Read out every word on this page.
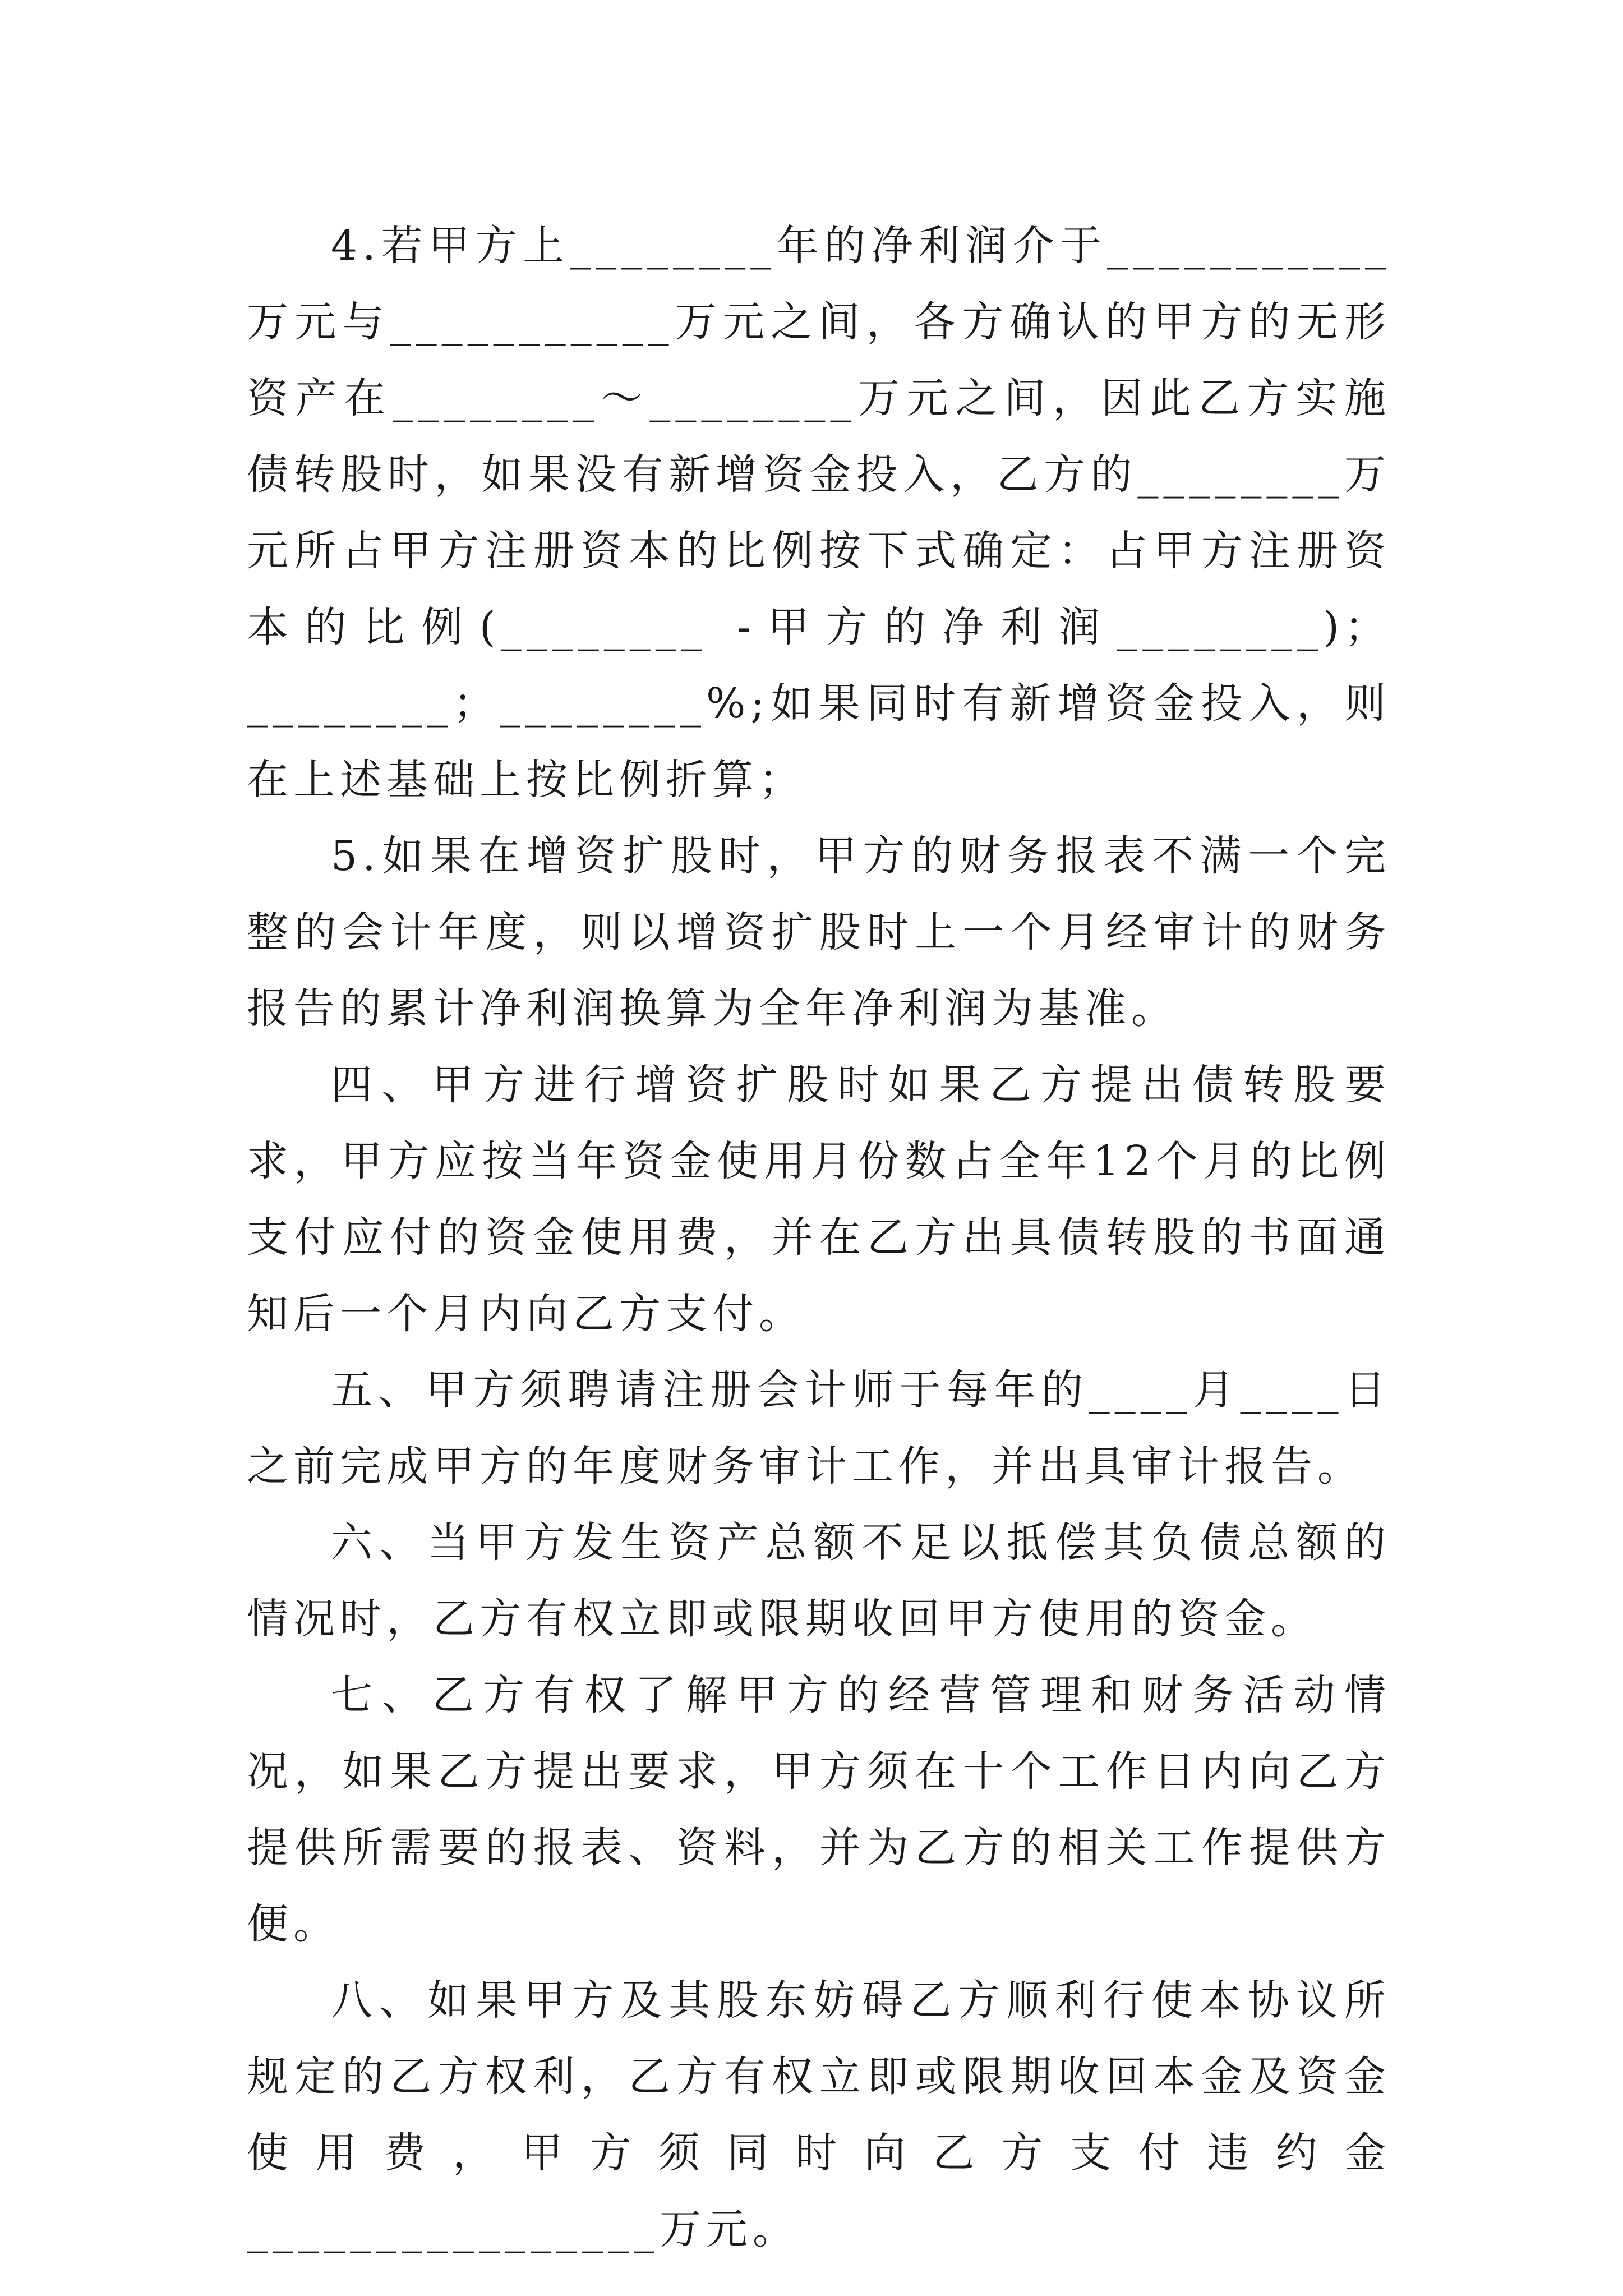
4.若甲方上________年的净利润介于___________万元与___________万元之间，各方确认的甲方的无形资产在________～________万元之间，因此乙方实施债转股时，如果没有新增资金投入，乙方的________万元所占甲方注册资本的比例按下式确定：占甲方注册资本的比例(________ -甲方的净利润________)；________；________%;如果同时有新增资金投入，则在上述基础上按比例折算；

5.如果在增资扩股时，甲方的财务报表不满一个完整的会计年度，则以增资扩股时上一个月经审计的财务报告的累计净利润换算为全年净利润为基准。

四、甲方进行增资扩股时如果乙方提出债转股要求，甲方应按当年资金使用月份数占全年12个月的比例支付应付的资金使用费，并在乙方出具债转股的书面通知后一个月内向乙方支付。

五、甲方须聘请注册会计师于每年的____月____日之前完成甲方的年度财务审计工作，并出具审计报告。

六、当甲方发生资产总额不足以抵偿其负债总额的情况时，乙方有权立即或限期收回甲方使用的资金。

七、乙方有权了解甲方的经营管理和财务活动情况，如果乙方提出要求，甲方须在十个工作日内向乙方提供所需要的报表、资料，并为乙方的相关工作提供方便。

八、如果甲方及其股东妨碍乙方顺利行使本协议所规定的乙方权利，乙方有权立即或限期收回本金及资金使用费，甲方须同时向乙方支付违约金________________万元。
